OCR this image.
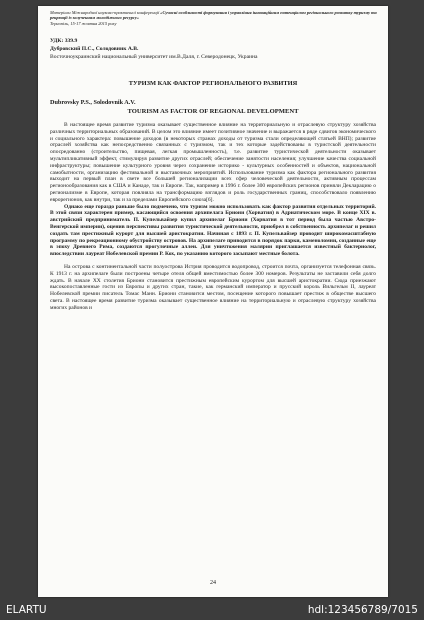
Матеріали Міжнародної науково-практичної конференції «Сучасні особливості формування і управління інноваційним потенціалом регіонального розвитку туризму та рекреації із залученням молодіжного ресурсу»
Тернопіль, 15-17 жовтня 2015 року
УДК: 339.9
Дубровский П.С., Солодовник А.В.
Восточноукраинский национальный университет им.В.Даля, г. Северодонецк, Украина
ТУРИЗМ КАК ФАКТОР РЕГИОНАЛЬНОГО РАЗВИТИЯ
Dubrovsky P.S., Solodovnik A.V.
TOURISM AS FACTOR OF REGIONAL DEVELOPMENT

В настоящее время развитие туризма оказывает существенное влияние на территориальную и отраслевую структуру хозяйства различных территориальных образований. В целом это влияние имеет позитивное значение и выражается в ряде сдвигов экономического и социального характера: повышение доходов (в некоторых странах доходы от туризма стали определяющей статьей ВНП); развитие отраслей хозяйства как непосредственно связанных с туризмом, так и тех которые задействованы в туристской деятельности опосредованно (строительство, пищевая, легкая промышленность), т.е. развитие туристической деятельности оказывает мультипликативный эффект, стимулируя развитие других отраслей; обеспечение занятости населения; улучшение качества социальной инфраструктуры; повышение культурного уровня через сохранение историко - культурных особенностей и объектов, национальной самобытности, организацию фестивальной и выставочных мероприятий. Использование туризма как фактора регионального развития выходит на первый план в свете все большей регионализации всех сфер человеческой деятельности, активным процессам регионообразования как в США и Канаде, так и Европе. Так, например в 1996 г. более 300 европейских регионов приняли Декларацию о регионализме в Европе, которая повлияла на трансформацию взглядов и роль государственных границ, способствовало появлению еврорегионов, как внутри, так и за пределами Европейского союза[6].

Однако еще гораздо раньше было подмечено, что туризм можно использовать как фактор развития отдельных территорий. В этой связи характерен пример, касающийся освоения архипелага Бриони (Хорватия) в Адриатическом море. В конце XIX в. австрийский предприниматель П. Купельвайзер купил архипелаг Бриони (Хорватия в тот период была частью Австро-Венгерской империи), оценив перспективы развития туристической деятельности, приобрел в собственность архипелаг и решил создать там престижный курорт для высшей аристократии. Начиная с 1893 г. П. Купельвайзер проводит широкомасштабную программу по рекреационному обустройству островов. На архипелаге приводится в порядок парки, каменоломни, созданные еще в эпоху Древнего Рима, создаются прогулочные аллеи. Для уничтожения малярии приглашается известный бактериолог, впоследствии лауреат Нобелевской премии Р. Кох, по указанию которого засыпают местные болота.

На острова с континентальной части полуострова Истрия проводится водопровод, строится почта, организуется телефонная связь. К 1913 г. на архипелаге были построены четыре отеля общей вместимостью более 300 номеров. Результаты не заставили себя долго ждать. В начале XX столетия Бриони становится престижным европейским курортом для высшей аристократии. Сюда приезжают высокопоставленные гости из Европы и других стран, такие, как германский император и прусский король Вильгельм II, лауреат Нобелевской премии писатель Томас Манн. Бриони становится местом, посещение которого повышает престиж в обществе высшего света. В настоящее время развитие туризма оказывает существенное влияние на территориальную и отраслевую структуру хозяйства многих районов и

24
ELARTU	hdl:123456789/7015
